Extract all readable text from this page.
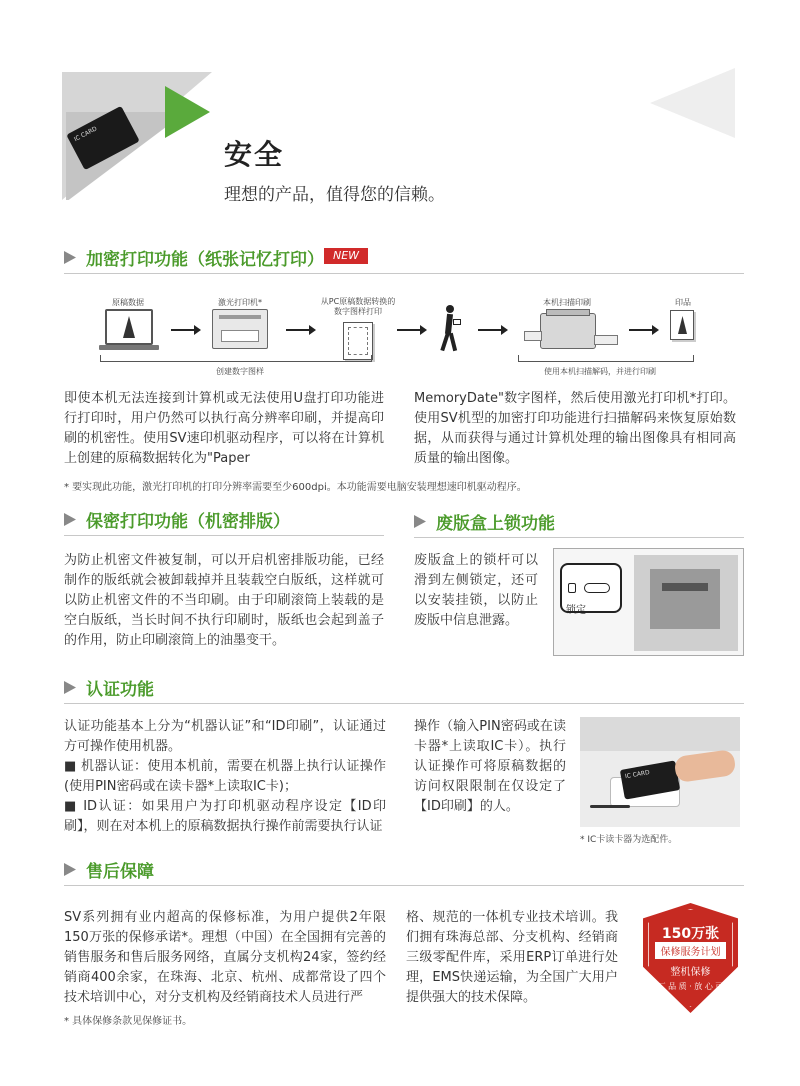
IC CARD
安全
理想的产品，值得您的信赖。
加密打印功能（纸张记忆打印） NEW
原稿数据	激光打印机*	从PC原稿数据转换的数字图样打印
本机扫描印刷	印品
创建数字图样	使用本机扫描解码，并进行印刷

即使本机无法连接到计算机或无法使用U盘打印功能进行打印时，用户仍然可以执行高分辨率印刷，并提高印刷的机密性。使用SV速印机驱动程序，可以将在计算机上创建的原稿数据转化为"Paper

MemoryDate"数字图样，然后使用激光打印机*打印。使用SV机型的加密打印功能进行扫描解码来恢复原始数据，从而获得与通过计算机处理的输出图像具有相同高质量的输出图像。

* 要实现此功能，激光打印机的打印分辨率需要至少600dpi。本功能需要电脑安装理想速印机驱动程序。
保密打印功能（机密排版）

为防止机密文件被复制，可以开启机密排版功能，已经制作的版纸就会被卸载掉并且装载空白版纸，这样就可以防止机密文件的不当印刷。由于印刷滚筒上装载的是空白版纸，当长时间不执行印刷时，版纸也会起到盖子的作用，防止印刷滚筒上的油墨变干。

废版盒上锁功能

废版盒上的锁杆可以滑到左侧锁定，还可以安装挂锁，以防止废版中信息泄露。

锁定
认证功能

认证功能基本上分为“机器认证”和“ID印刷”，认证通过方可操作使用机器。

■ 机器认证：使用本机前，需要在机器上执行认证操作(使用PIN密码或在读卡器*上读取IC卡)；

■ ID认证：如果用户为打印机驱动程序设定【ID印刷】，则在对本机上的原稿数据执行操作前需要执行认证

操作（输入PIN密码或在读卡器*上读取IC卡）。执行认证操作可将原稿数据的访问权限限制在仅设定了【ID印刷】的人。

IC CARD
* IC卡读卡器为选配件。
售后保障

SV系列拥有业内超高的保修标准，为用户提供2年限150万张的保修承诺*。理想（中国）在全国拥有完善的销售服务和售后服务网络，直属分支机构24家，签约经销商400余家，在珠海、北京、杭州、成都常设了四个技术培训中心，对分支机构及经销商技术人员进行严

格、规范的一体机专业技术培训。我们拥有珠海总部、分支机构、经销商三级零配件库，采用ERP订单进行处理，EMS快递运输，为全国广大用户提供强大的技术保障。

* 具体保修条款见保修证书。
150万张
保修服务计划
整机保修
原 厂 品 质 · 放 心 可 靠
